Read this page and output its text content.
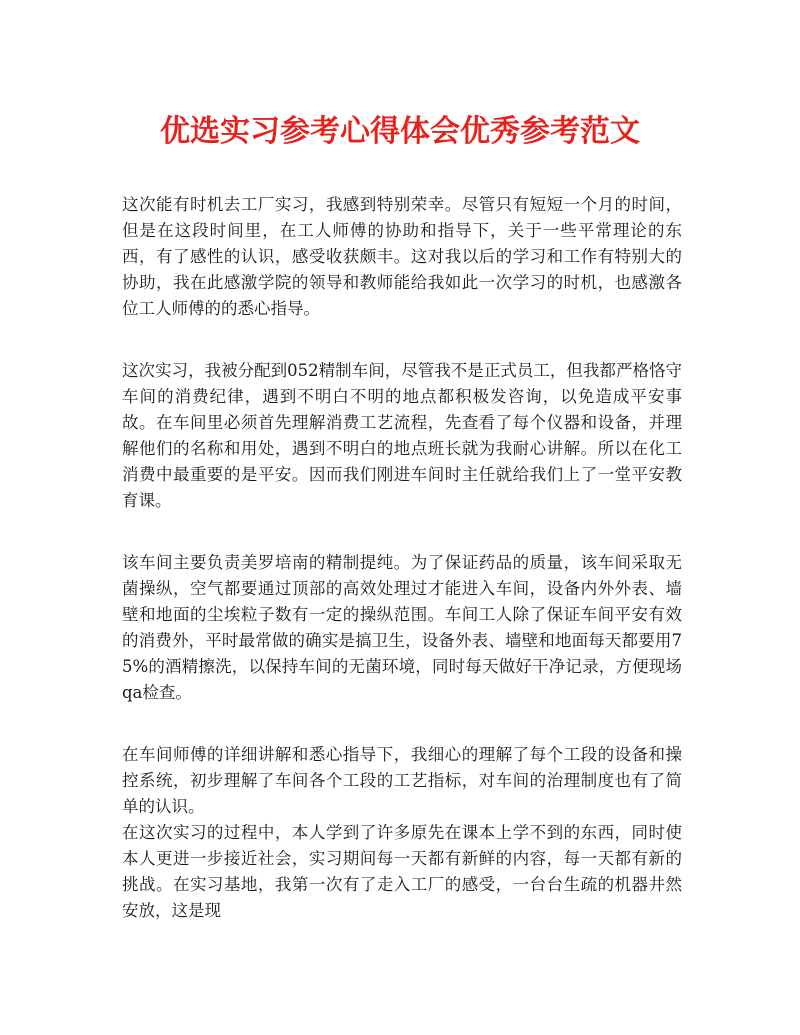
优选实习参考心得体会优秀参考范文

这次能有时机去工厂实习，我感到特别荣幸。尽管只有短短一个月的时间，但是在这段时间里，在工人师傅的协助和指导下，关于一些平常理论的东西，有了感性的认识，感受收获颇丰。这对我以后的学习和工作有特别大的协助，我在此感激学院的领导和教师能给我如此一次学习的时机，也感激各位工人师傅的的悉心指导。

这次实习，我被分配到052精制车间，尽管我不是正式员工，但我都严格恪守车间的消费纪律，遇到不明白不明的地点都积极发咨询，以免造成平安事故。在车间里必须首先理解消费工艺流程，先查看了每个仪器和设备，并理解他们的名称和用处，遇到不明白的地点班长就为我耐心讲解。所以在化工消费中最重要的是平安。因而我们刚进车间时主任就给我们上了一堂平安教育课。

该车间主要负责美罗培南的精制提纯。为了保证药品的质量，该车间采取无菌操纵，空气都要通过顶部的高效处理过才能进入车间，设备内外外表、墙壁和地面的尘埃粒子数有一定的操纵范围。车间工人除了保证车间平安有效的消费外，平时最常做的确实是搞卫生，设备外表、墙壁和地面每天都要用75%的酒精擦洗，以保持车间的无菌环境，同时每天做好干净记录，方便现场qa检查。

在车间师傅的详细讲解和悉心指导下，我细心的理解了每个工段的设备和操控系统，初步理解了车间各个工段的工艺指标，对车间的治理制度也有了简单的认识。

在这次实习的过程中，本人学到了许多原先在课本上学不到的东西，同时使本人更进一步接近社会，实习期间每一天都有新鲜的内容，每一天都有新的挑战。在实习基地，我第一次有了走入工厂的感受，一台台生疏的机器井然安放，这是现
